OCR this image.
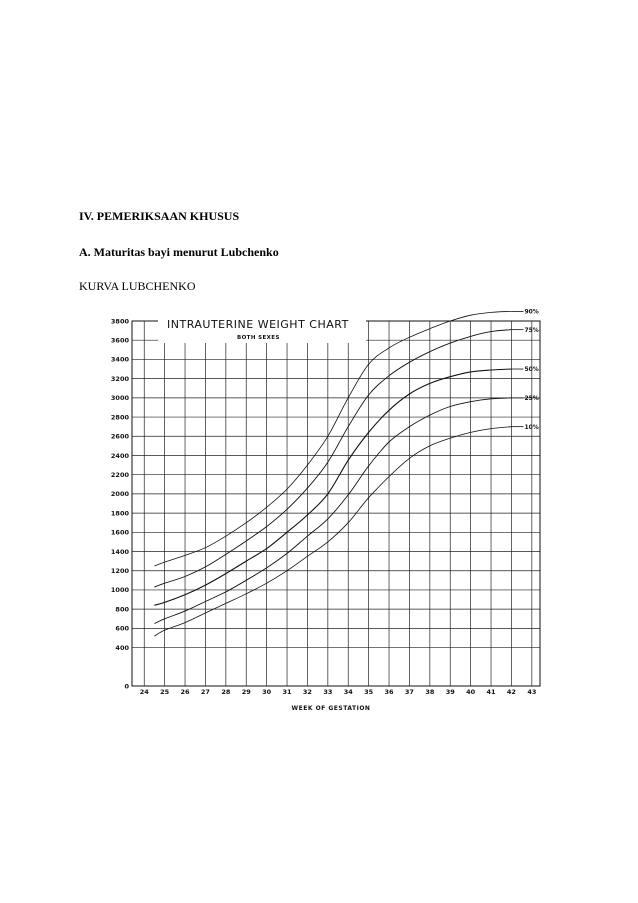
IV. PEMERIKSAAN KHUSUS
A. Maturitas bayi menurut Lubchenko
KURVA LUBCHENKO
INTRAUTERINE WEIGHT CHART
BOTH SEXES
WEEK OF GESTATION
0
400
600
800
1000
1200
1400
1600
1800
2000
2200
2400
2600
2800
3000
3200
3400
3600
3800
24 25 26 27 28 29 30 31 32 33 34 35 36 37 38 39 40 41 42 43
90%
75%
50%
25%
10%
